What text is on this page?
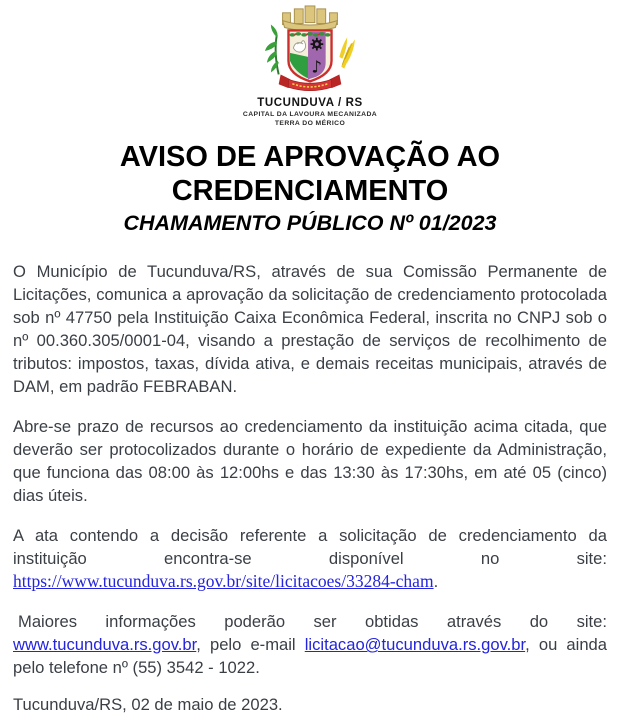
♪
TUCUNDUVA / RS
CAPITAL DA LAVOURA MECANIZADA
TERRA DO MÉRICO
AVISO DE APROVAÇÃO AO
CREDENCIAMENTO
CHAMAMENTO PÚBLICO Nº 01/2023

O Município de Tucunduva/RS, através de sua Comissão Permanente de Licitações, comunica a aprovação da solicitação de credenciamento protocolada sob nº 47750 pela Instituição Caixa Econômica Federal, inscrita no CNPJ sob o nº 00.360.305/0001-04, visando a prestação de serviços de recolhimento de tributos: impostos, taxas, dívida ativa, e demais receitas municipais, através de DAM, em padrão FEBRABAN.

Abre-se prazo de recursos ao credenciamento da instituição acima citada, que deverão ser protocolizados durante o horário de expediente da Administração, que funciona das 08:00 às 12:00hs e das 13:30 às 17:30hs, em até 05 (cinco) dias úteis.

A ata contendo a decisão referente a solicitação de credenciamento da instituição encontra-se disponível no site: https://www.tucunduva.rs.gov.br/site/licitacoes/33284-cham.

Maiores informações poderão ser obtidas através do site: www.tucunduva.rs.gov.br, pelo e-mail licitacao@tucunduva.rs.gov.br, ou ainda pelo telefone nº (55) 3542 - 1022.

Tucunduva/RS, 02 de maio de 2023.
